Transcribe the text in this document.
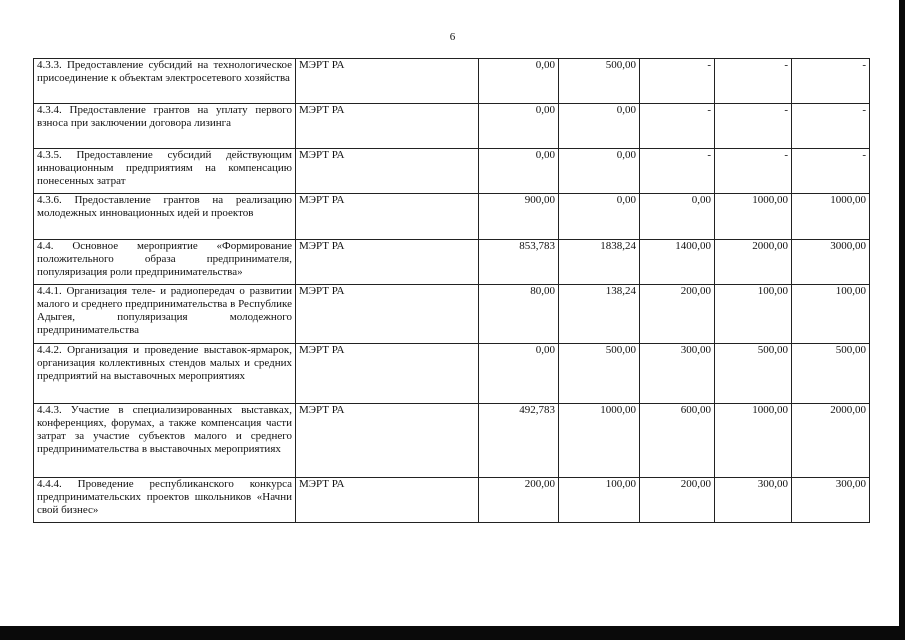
6
4.3.3. Предоставление субсидий на технологическое присоединение к объектам электросетевого хозяйства	МЭРТ РА	0,00	500,00	-	-	-
4.3.4. Предоставление грантов на уплату первого взноса при заключении договора лизинга	МЭРТ РА	0,00	0,00	-	-	-
4.3.5. Предоставление субсидий действующим инновационным предприятиям на компенсацию понесенных затрат	МЭРТ РА	0,00	0,00	-	-	-
4.3.6. Предоставление грантов на реализацию молодежных инновационных идей и проектов	МЭРТ РА	900,00	0,00	0,00	1000,00	1000,00
4.4. Основное мероприятие «Формирование положительного образа предпринимателя, популяризация роли предпринимательства»	МЭРТ РА	853,783	1838,24	1400,00	2000,00	3000,00
4.4.1. Организация теле- и радиопередач о развитии малого и среднего предпринимательства в Республике Адыгея, популяризация молодежного предпринимательства	МЭРТ РА	80,00	138,24	200,00	100,00	100,00
4.4.2. Организация и проведение выставок-ярмарок, организация коллективных стендов малых и средних предприятий на выставочных мероприятиях	МЭРТ РА	0,00	500,00	300,00	500,00	500,00
4.4.3. Участие в специализированных выставках, конференциях, форумах, а также компенсация части затрат за участие субъектов малого и среднего предпринимательства в выставочных мероприятиях	МЭРТ РА	492,783	1000,00	600,00	1000,00	2000,00
4.4.4. Проведение республиканского конкурса предпринимательских проектов школьников «Начни свой бизнес»	МЭРТ РА	200,00	100,00	200,00	300,00	300,00
